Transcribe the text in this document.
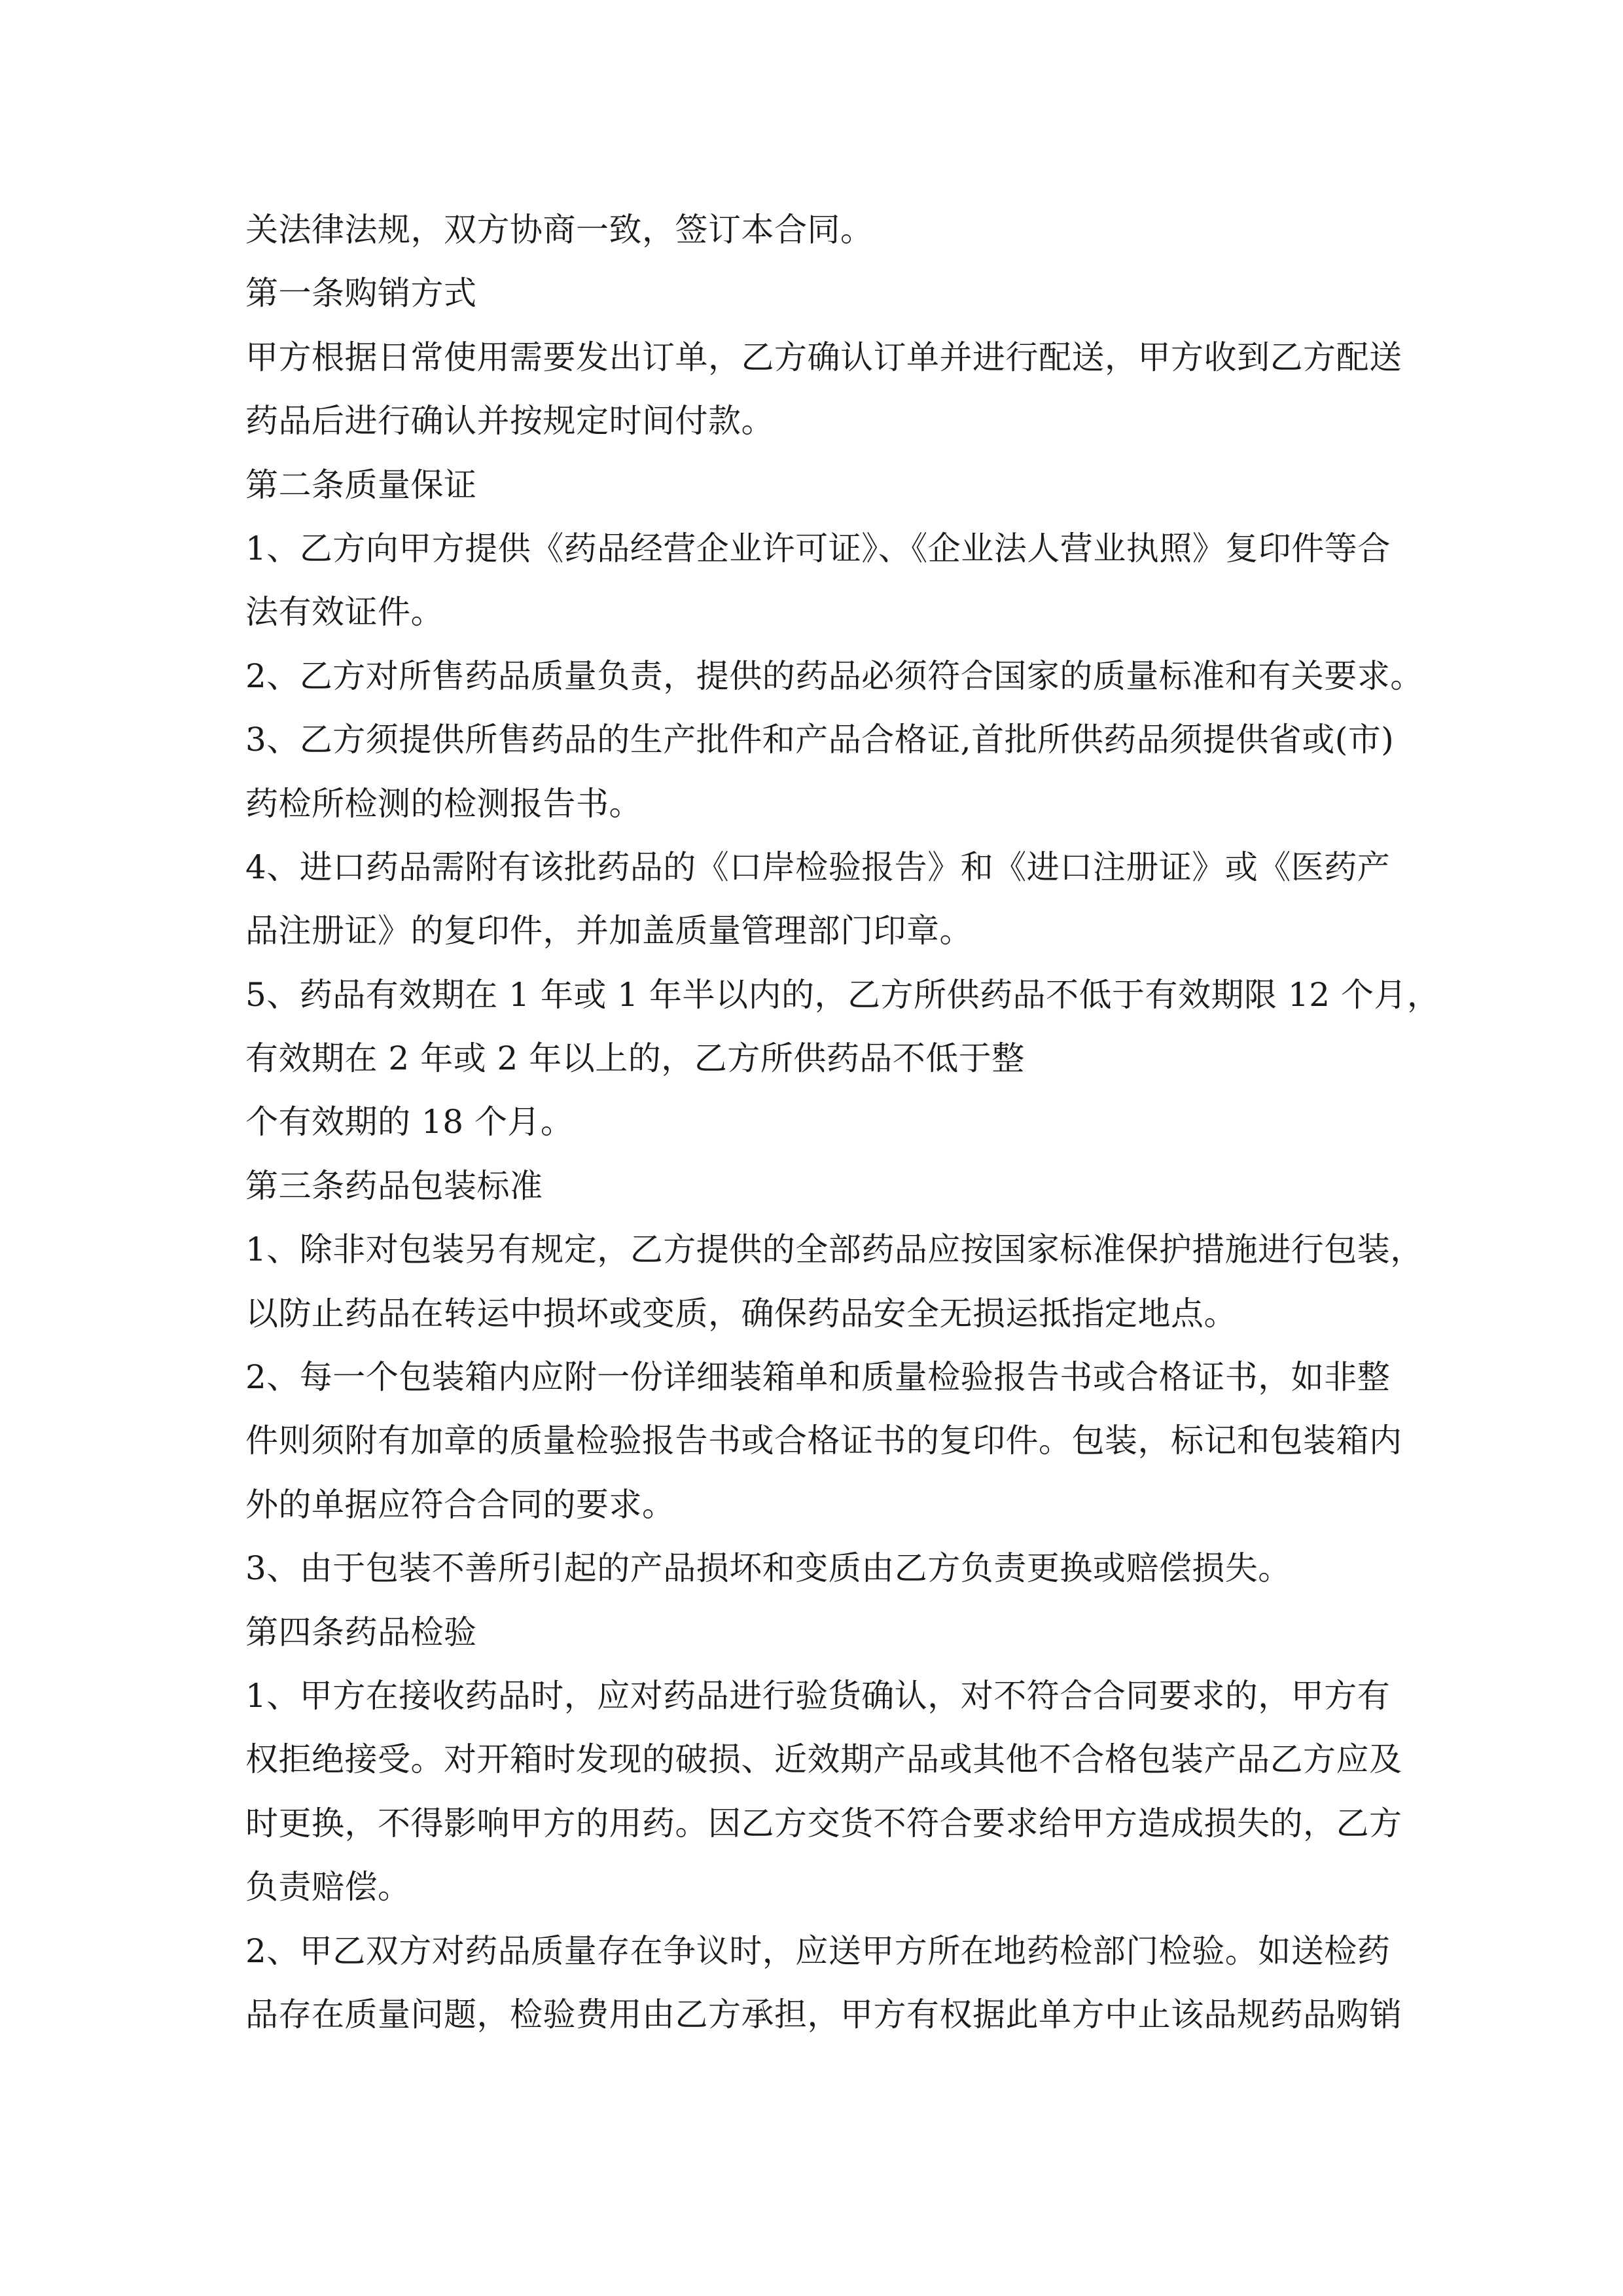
关法律法规，双方协商一致，签订本合同。
第一条购销方式
甲方根据日常使用需要发出订单，乙方确认订单并进行配送，甲方收到乙方配送
药品后进行确认并按规定时间付款。
第二条质量保证
1、乙方向甲方提供《药品经营企业许可证》、《企业法人营业执照》复印件等合
法有效证件。
2、乙方对所售药品质量负责，提供的药品必须符合国家的质量标准和有关要求。
3、乙方须提供所售药品的生产批件和产品合格证,首批所供药品须提供省或(市)
药检所检测的检测报告书。
4、进口药品需附有该批药品的《口岸检验报告》和《进口注册证》或《医药产
品注册证》的复印件，并加盖质量管理部门印章。
5、药品有效期在 1 年或 1 年半以内的，乙方所供药品不低于有效期限 12 个月，
有效期在 2 年或 2 年以上的，乙方所供药品不低于整
个有效期的 18 个月。
第三条药品包装标准
1、除非对包装另有规定，乙方提供的全部药品应按国家标准保护措施进行包装，
以防止药品在转运中损坏或变质，确保药品安全无损运抵指定地点。
2、每一个包装箱内应附一份详细装箱单和质量检验报告书或合格证书，如非整
件则须附有加章的质量检验报告书或合格证书的复印件。包装，标记和包装箱内
外的单据应符合合同的要求。
3、由于包装不善所引起的产品损坏和变质由乙方负责更换或赔偿损失。
第四条药品检验
1、甲方在接收药品时，应对药品进行验货确认，对不符合合同要求的，甲方有
权拒绝接受。对开箱时发现的破损、近效期产品或其他不合格包装产品乙方应及
时更换，不得影响甲方的用药。因乙方交货不符合要求给甲方造成损失的，乙方
负责赔偿。
2、甲乙双方对药品质量存在争议时，应送甲方所在地药检部门检验。如送检药
品存在质量问题，检验费用由乙方承担，甲方有权据此单方中止该品规药品购销
